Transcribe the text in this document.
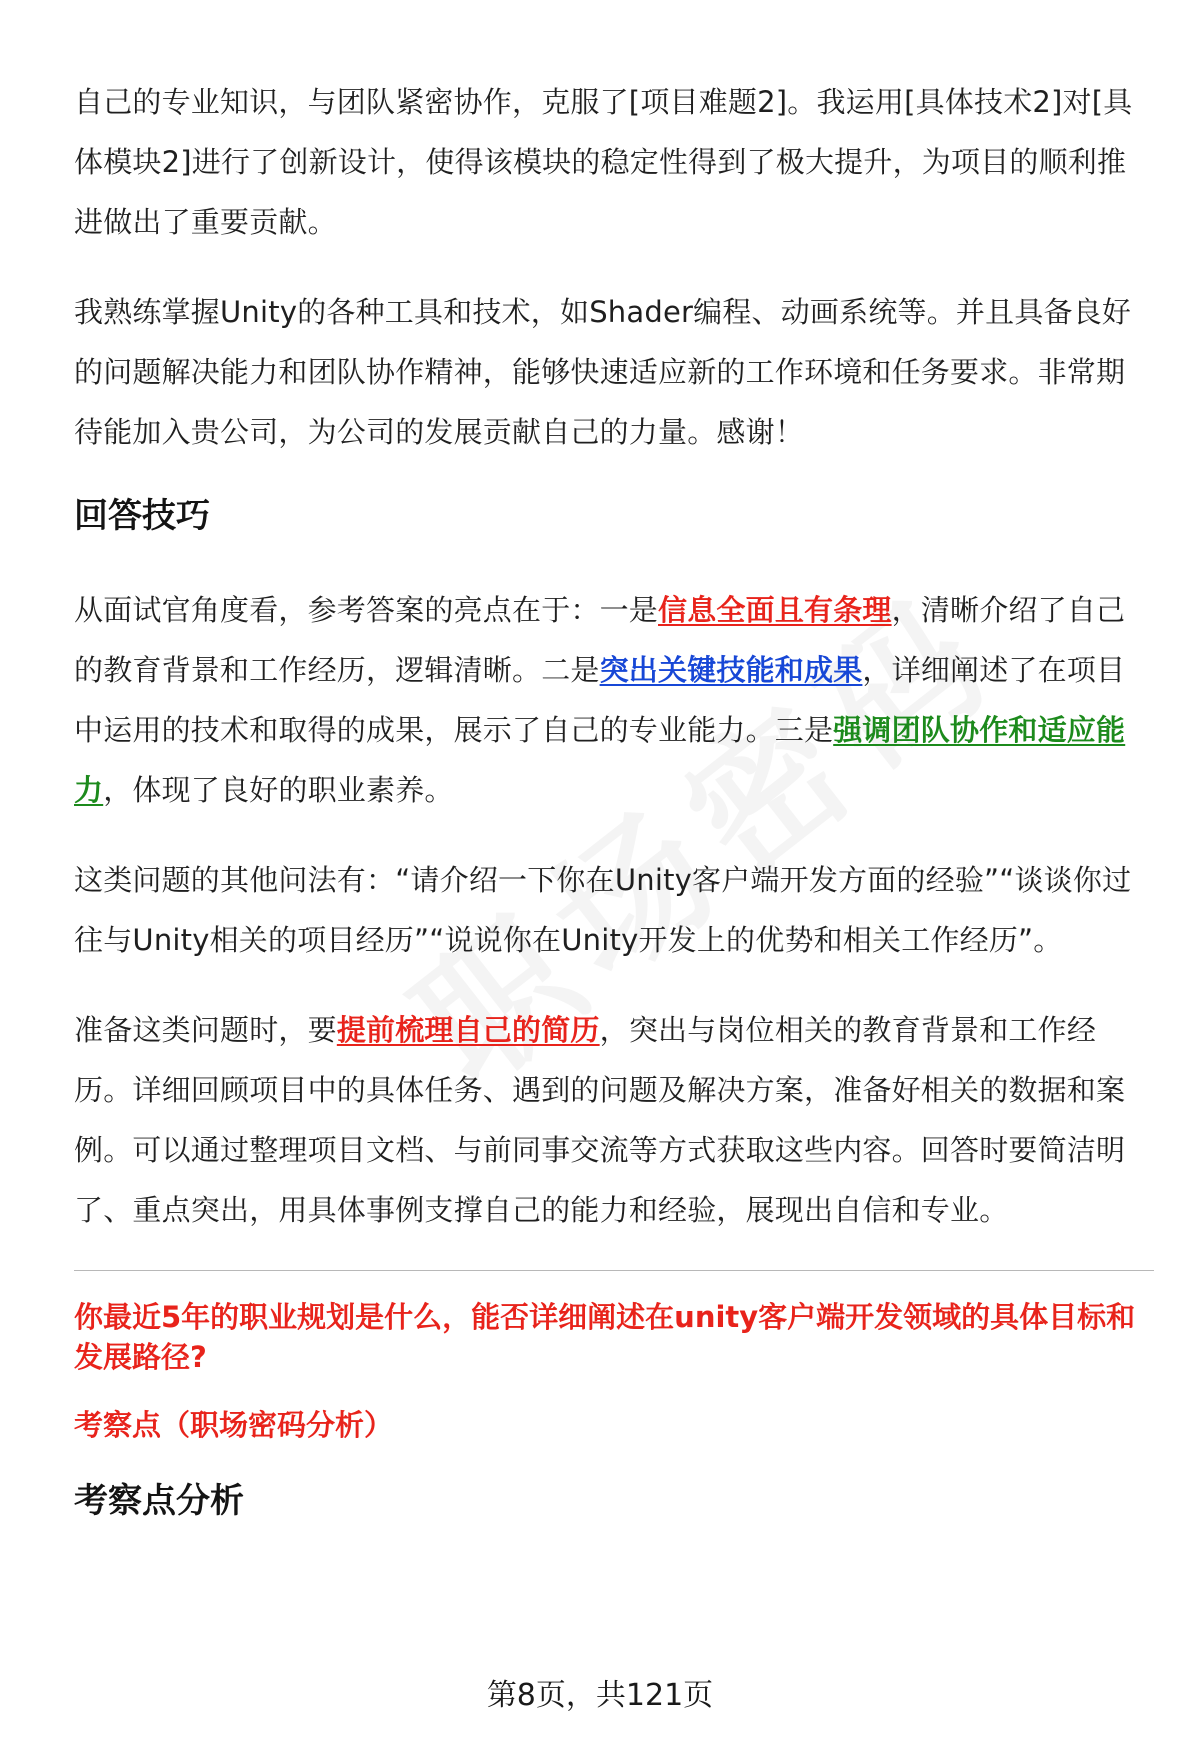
自己的专业知识，与团队紧密协作，克服了[项目难题2]。我运用[具体技术2]对[具体模块2]进行了创新设计，使得该模块的稳定性得到了极大提升，为项目的顺利推进做出了重要贡献。

我熟练掌握Unity的各种工具和技术，如Shader编程、动画系统等。并且具备良好的问题解决能力和团队协作精神，能够快速适应新的工作环境和任务要求。非常期待能加入贵公司，为公司的发展贡献自己的力量。感谢！

回答技巧

从面试官角度看，参考答案的亮点在于：一是信息全面且有条理，清晰介绍了自己的教育背景和工作经历，逻辑清晰。二是突出关键技能和成果，详细阐述了在项目中运用的技术和取得的成果，展示了自己的专业能力。三是强调团队协作和适应能力，体现了良好的职业素养。

这类问题的其他问法有：“请介绍一下你在Unity客户端开发方面的经验”“谈谈你过往与Unity相关的项目经历”“说说你在Unity开发上的优势和相关工作经历”。

准备这类问题时，要提前梳理自己的简历，突出与岗位相关的教育背景和工作经历。详细回顾项目中的具体任务、遇到的问题及解决方案，准备好相关的数据和案例。可以通过整理项目文档、与前同事交流等方式获取这些内容。回答时要简洁明了、重点突出，用具体事例支撑自己的能力和经验，展现出自信和专业。

你最近5年的职业规划是什么，能否详细阐述在unity客户端开发领域的具体目标和发展路径?
考察点（职场密码分析）
考察点分析
第8页，共121页
